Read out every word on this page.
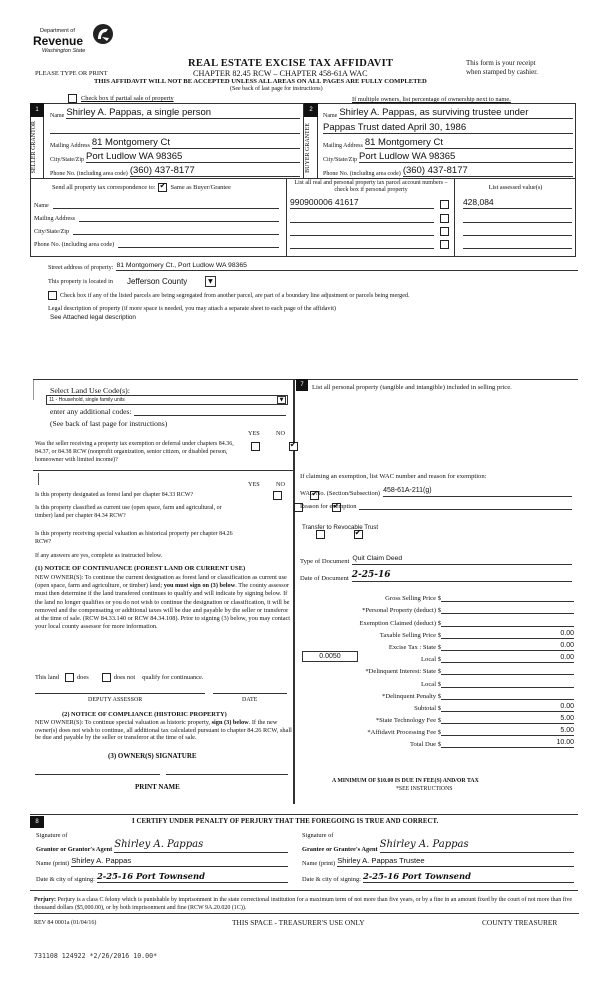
Department of
Revenue
Washington State
REAL ESTATE EXCISE TAX AFFIDAVIT
CHAPTER 82.45 RCW – CHAPTER 458-61A WAC
This form is your receipt
when stamped by cashier.
PLEASE TYPE OR PRINT
THIS AFFIDAVIT WILL NOT BE ACCEPTED UNLESS ALL AREAS ON ALL PAGES ARE FULLY COMPLETED
(See back of last page for instructions)
Check box if partial sale of property	If multiple owners, list percentage of ownership next to name.
1
SELLER GRANTOR
Name Shirley A. Pappas, a single person
Mailing Address 81 Montgomery Ct
City/State/Zip Port Ludlow WA 98365
Phone No. (including area code) (360) 437-8177
2
BUYER GRANTEE
Name Shirley A. Pappas, as surviving trustee under
Pappas Trust dated April 30, 1986
Mailing Address 81 Montgomery Ct
City/State/Zip Port Ludlow WA 98365
Phone No. (including area code) (360) 437-8177
Send all property tax correspondence to: ✔ Same as Buyer/Grantee
Name
Mailing Address
City/State/Zip
Phone No. (including area code)
List all real and personal property tax parcel account numbers – check box if personal property	List assessed value(s)
990900006 41617	428,084
Street address of property: 81 Montgomery Ct., Port Ludlow WA 98365
This property is located in Jefferson County	▼
Check box if any of the listed parcels are being segregated from another parcel, are part of a boundary line adjustment or parcels being merged.
Legal description of property (if more space is needed, you may attach a separate sheet to each page of the affidavit)
See Attached legal description
Select Land Use Code(s):
11 - Household, single family units	▼
enter any additional codes:
(See back of last page for instructions)
YES	NO
Was the seller receiving a property tax exemption or deferral under chapters 84.36, 84.37, or 84.38 RCW (nonprofit organization, senior citizen, or disabled person, homeowner with limited income)?
✔
YES	NO
Is this property designated as forest land per chapter 84.33 RCW?
✔
Is this property classified as current use (open space, farm and agricultural, or timber) land per chapter 84.34 RCW?
✔
Is this property receiving special valuation as historical property per chapter 84.26 RCW?
✔
If any answers are yes, complete as instructed below.
(1) NOTICE OF CONTINUANCE (FOREST LAND OR CURRENT USE)
NEW OWNER(S): To continue the current designation as forest land or classification as current use (open space, farm and agriculture, or timber) land; you must sign on (3) below. The county assessor must then determine if the land transfered continues to qualify and will indicate by signing below. If the land no longer qualifies or you do not wish to continue the designation or classification, it will be removed and the compensating or additional taxes will be due and payable by the seller or transferor at the time of sale. (RCW 84.33.140 or RCW 84.34.108). Prior to signing (3) below, you may contact your local county assessor for more information.
This land	does	does not qualify for continuance.
DEPUTY ASSESSOR	DATE
(2) NOTICE OF COMPLIANCE (HISTORIC PROPERTY)
NEW OWNER(S): To continue special valuation as historic property, sign (3) below. If the new owner(s) does not wish to continue, all additional tax calculated pursuant to chapter 84.26 RCW, shall be due and payable by the seller or transferor at the time of sale.
(3) OWNER(S) SIGNATURE
PRINT NAME
7	List all personal property (tangible and intangible) included in selling price.
If claiming an exemption, list WAC number and reason for exemption:
WAC No. (Section/Subsection) 458-61A-211(g)
Reason for exemption
Transfer to Revocable Trust
Type of Document Quit Claim Deed
Date of Document 2-25-16
Gross Selling Price $
*Personal Property (deduct) $
Exemption Claimed (deduct) $
Taxable Selling Price $	0.00
Excise Tax : State $	0.00
0.0050	Local $	0.00
*Delinquent Interest: State $
Local $
*Delinquent Penalty $
Subtotal $	0.00
*State Technology Fee $	5.00
*Affidavit Processing Fee $	5.00
Total Due $	10.00
A MINIMUM OF $10.00 IS DUE IN FEE(S) AND/OR TAX
*SEE INSTRUCTIONS
8	I CERTIFY UNDER PENALTY OF PERJURY THAT THE FOREGOING IS TRUE AND CORRECT.
Signature of
Grantor or Grantor's Agent Shirley A. Pappas
Name (print) Shirley A. Pappas
Date & city of signing: 2-25-16 Port Townsend
Signature of
Grantee or Grantee's Agent Shirley A. Pappas
Name (print) Shirley A. Pappas Trustee
Date & city of signing: 2-25-16 Port Townsend
Perjury: Perjury is a class C felony which is punishable by imprisonment in the state correctional institution for a maximum term of not more than five years, or by a fine in an amount fixed by the court of not more than five thousand dollars ($5,000.00), or by both imprisonment and fine (RCW 9A.20.020 (1C)).
REV 84 0001a (01/04/16)	THIS SPACE - TREASURER'S USE ONLY	COUNTY TREASURER
731108 124922 *2/26/2016 10.00*
